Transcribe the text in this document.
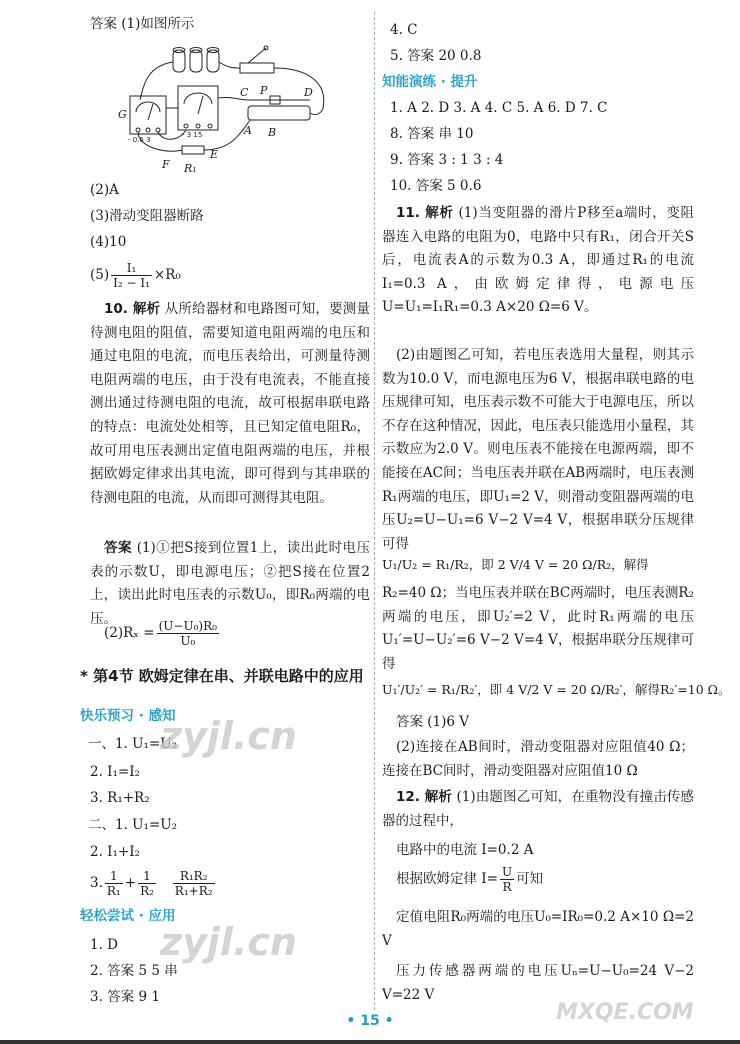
答案 (1)如图所示
G
F
E
C P	D
A B
R₁
- 0.6 3
- 3 15
(2)A
(3)滑动变阻器断路
(4)10
$(5) \frac{\text{I₁}}{\text{I₂ − I₁}} \times R_0$
10. 解析 从所给器材和电路图可知，要测量待测电阻的阻值，需要知道电阻两端的电压和通过电阻的电流，而电压表给出，可测量待测电阻两端的电压，由于没有电流表，不能直接测出通过待测电阻的电流，故可根据串联电路的特点：电流处处相等，且已知定值电阻R₀，故可用电压表测出定值电阻两端的电压，并根据欧姆定律求出其电流，即可得到与其串联的待测电阻的电流，从而即可测得其电阻。
答案 (1)①把S接到位置1上，读出此时电压表的示数U，即电源电压；②把S接在位置2上，读出此时电压表的示数U₀，即R₀两端的电压。
$(2)R_x = \frac{\text{(U−U₀)R₀}}{\text{U₀}}$
* 第4节 欧姆定律在串、并联电路中的应用
快乐预习 · 感知
一、1. U₁=U₂
2. I₁=I₂
3. R₁+R₂
二、1. U₁=U₂
2. I₁+I₂
3. $\frac{1}{\text{R₁}} + \frac{1}{\text{R₂}}$
$\frac{\text{R₁R₂}}{\text{R₁+R₂}}$
轻松尝试 · 应用
1. D
2. 答案 5 5 串
3. 答案 9 1
4. C
5. 答案 20 0.8
知能演练 · 提升
1. A 2. D 3. A 4. C 5. A 6. D 7. C
8. 答案 串 10
9. 答案 3 : 1 3 : 4
10. 答案 5 0.6
11. 解析 (1)当变阻器的滑片P移至a端时，变阻器连入电路的电阻为0，电路中只有R₁，闭合开关S后，电流表A的示数为0.3 A，即通过R₁的电流I₁=0.3 A，由欧姆定律得，电源电压U=U₁=I₁R₁=0.3 A×20 Ω=6 V。
(2)由题图乙可知，若电压表选用大量程，则其示数为10.0 V，而电源电压为6 V，根据串联电路的电压规律可知，电压表示数不可能大于电源电压，所以不存在这种情况，因此，电压表只能选用小量程，其示数应为2.0 V。则电压表不能接在电源两端，即不能接在AC间；当电压表并联在AB两端时，电压表测R₁两端的电压，即U₁=2 V，则滑动变阻器两端的电压U₂=U−U₁=6 V−2 V=4 V，根据串联分压规律可得
U₁/U₂ = R₁/R₂，即 2 V/4 V = 20 Ω/R₂，解得
R₂=40 Ω；当电压表并联在BC两端时，电压表测R₂两端的电压，即U₂′=2 V，此时R₁两端的电压U₁′=U−U₂′=6 V−2 V=4 V，根据串联分压规律可得
U₁′/U₂′ = R₁/R₂′，即 4 V/2 V = 20 Ω/R₂′，解得R₂′=10 Ω。
答案 (1)6 V
(2)连接在AB间时，滑动变阻器对应阻值40 Ω；连接在BC间时，滑动变阻器对应阻值10 Ω
12. 解析 (1)由题图乙可知，在重物没有撞击传感器的过程中，
电路中的电流 I=0.2 A
根据欧姆定律 $I= \frac{U}{R}$ 可知
定值电阻R₀两端的电压U₀=IR₀=0.2 A×10 Ω=2 V
压力传感器两端的电压Uₙ=U−U₀=24 V−2 V=22 V
• 15 •
zyjl.cn
zyjl.cn
MXQE.COM
